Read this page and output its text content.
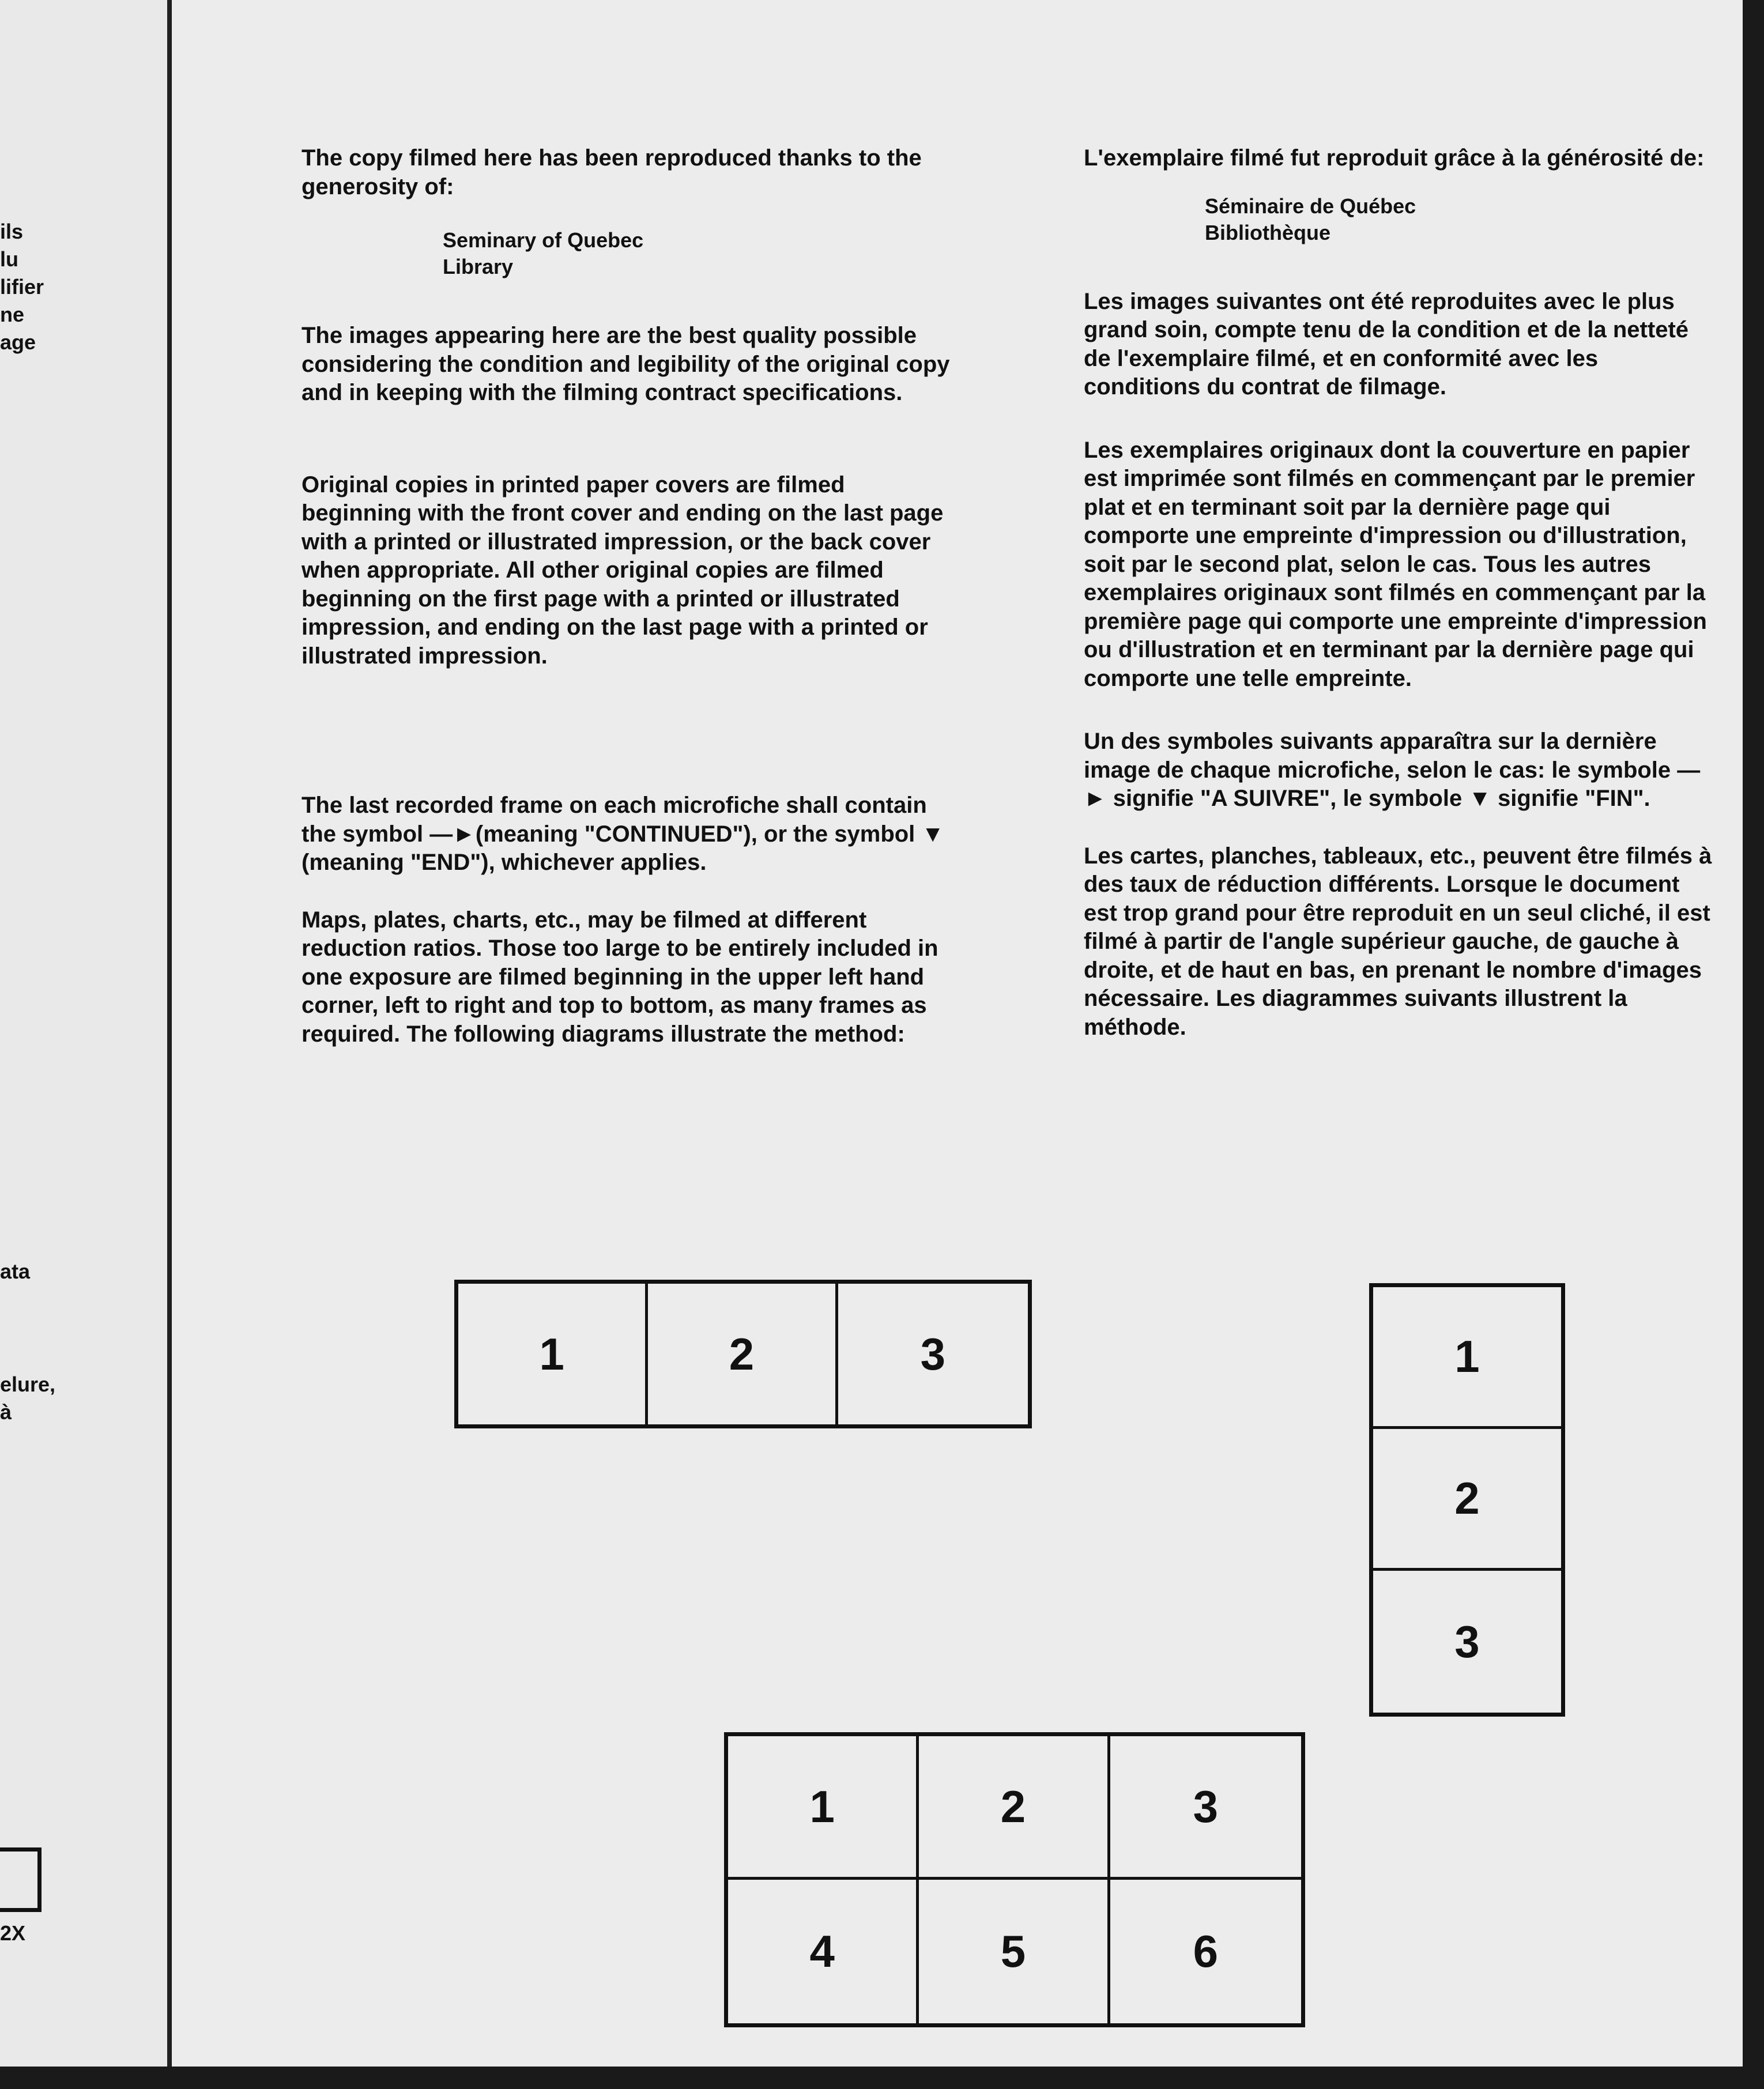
ils
lu
lifier
ne
age
ata
elure,
à
2X

The copy filmed here has been reproduced thanks to the generosity of:

Seminary of Quebec
Library

The images appearing here are the best quality possible considering the condition and legibility of the original copy and in keeping with the filming contract specifications.

Original copies in printed paper covers are filmed beginning with the front cover and ending on the last page with a printed or illustrated impression, or the back cover when appropriate. All other original copies are filmed beginning on the first page with a printed or illustrated impression, and ending on the last page with a printed or illustrated impression.

The last recorded frame on each microfiche shall contain the symbol —►(meaning "CONTINUED"), or the symbol ▼ (meaning "END"), whichever applies.

Maps, plates, charts, etc., may be filmed at different reduction ratios. Those too large to be entirely included in one exposure are filmed beginning in the upper left hand corner, left to right and top to bottom, as many frames as required. The following diagrams illustrate the method:

L'exemplaire filmé fut reproduit grâce à la générosité de:

Séminaire de Québec
Bibliothèque

Les images suivantes ont été reproduites avec le plus grand soin, compte tenu de la condition et de la netteté de l'exemplaire filmé, et en conformité avec les conditions du contrat de filmage.

Les exemplaires originaux dont la couverture en papier est imprimée sont filmés en commençant par le premier plat et en terminant soit par la dernière page qui comporte une empreinte d'impression ou d'illustration, soit par le second plat, selon le cas. Tous les autres exemplaires originaux sont filmés en commençant par la première page qui comporte une empreinte d'impression ou d'illustration et en terminant par la dernière page qui comporte une telle empreinte.

Un des symboles suivants apparaîtra sur la dernière image de chaque microfiche, selon le cas: le symbole —► signifie "A SUIVRE", le symbole ▼ signifie "FIN".

Les cartes, planches, tableaux, etc., peuvent être filmés à des taux de réduction différents. Lorsque le document est trop grand pour être reproduit en un seul cliché, il est filmé à partir de l'angle supérieur gauche, de gauche à droite, et de haut en bas, en prenant le nombre d'images nécessaire. Les diagrammes suivants illustrent la méthode.

1	2	3	1
2
3
1	2	3
4	5	6
